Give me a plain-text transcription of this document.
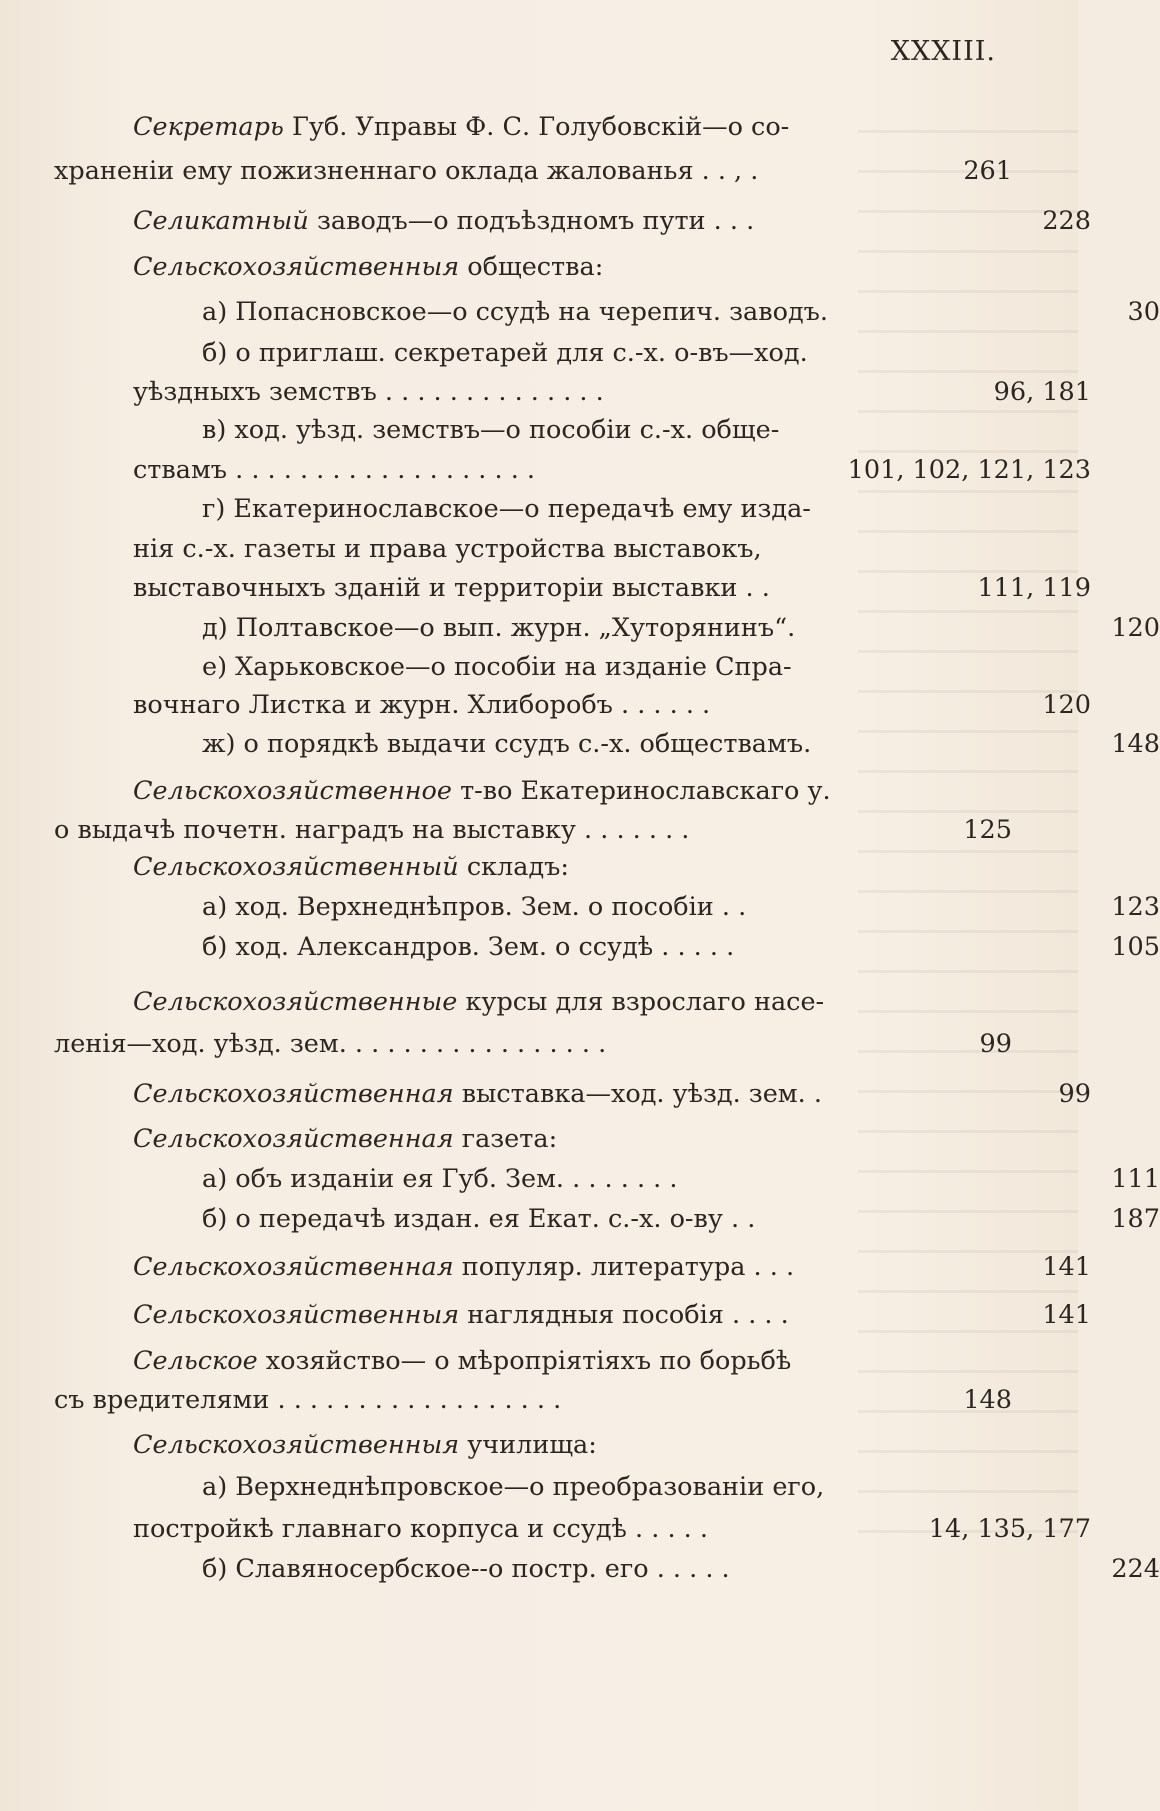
XXXIII.
Секретарь Губ. Управы Ф. С. Голубовскій—о со-
храненіи ему пожизненнаго оклада жалованья . . , .	261
Селикатный заводъ—о подъѣздномъ пути . . .	228
Сельскохозяйственныя общества:
а) Попасновское—о ссудѣ на черепич. заводъ.	30
б) о приглаш. секретарей для с.-х. о-въ—ход.
уѣздныхъ земствъ . . . . . . . . . . . . . .	96, 181
в) ход. уѣзд. земствъ—о пособіи с.-х. обще-
ствамъ . . . . . . . . . . . . . . . . . . .	101, 102, 121, 123
г) Екатеринославское—о передачѣ ему изда-
нія с.-х. газеты и права устройства выставокъ,
выставочныхъ зданій и территоріи выставки . .	111, 119
д) Полтавское—о вып. журн. „Хуторянинъ“.	120
е) Харьковское—о пособіи на изданіе Спра-
вочнаго Листка и журн. Хлиборобъ . . . . . .	120
ж) о порядкѣ выдачи ссудъ с.-х. обществамъ.	148
Сельскохозяйственное т-во Екатеринославскаго у.
о выдачѣ почетн. наградъ на выставку . . . . . . .	125
Сельскохозяйственный складъ:
а) ход. Верхнеднѣпров. Зем. о пособіи . .	123
б) ход. Александров. Зем. о ссудѣ . . . . .	105
Сельскохозяйственные курсы для взрослаго насе-
ленія—ход. уѣзд. зем. . . . . . . . . . . . . . . . .	99
Сельскохозяйственная выставка—ход. уѣзд. зем. .	99
Сельскохозяйственная газета:
а) объ изданіи ея Губ. Зем. . . . . . . .	111
б) о передачѣ издан. ея Екат. с.-х. о-ву . .	187
Сельскохозяйственная популяр. литература . . .	141
Сельскохозяйственныя наглядныя пособія . . . .	141
Сельское хозяйство— о мѣропріятіяхъ по борьбѣ
съ вредителями . . . . . . . . . . . . . . . . . .	148
Сельскохозяйственныя училища:
а) Верхнеднѣпровское—о преобразованіи его,
постройкѣ главнаго корпуса и ссудѣ . . . . .	14, 135, 177
б) Славяносербское--о постр. его . . . . .	224
